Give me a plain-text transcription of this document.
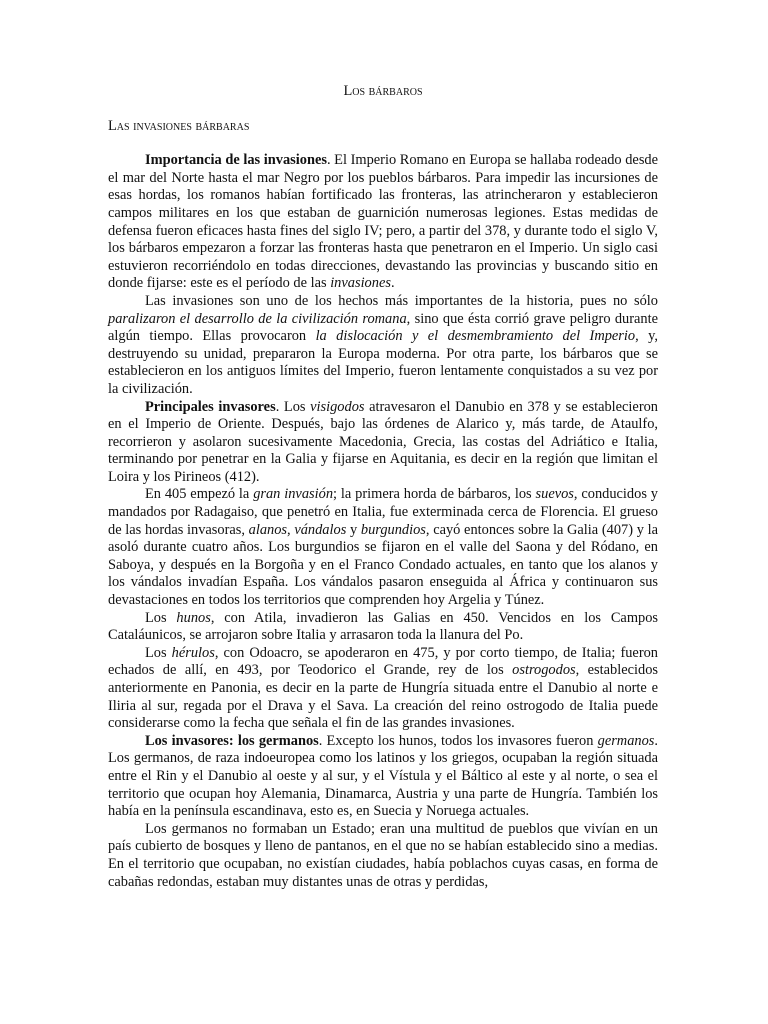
Los bárbaros
Las invasiones bárbaras

Importancia de las invasiones. El Imperio Romano en Europa se hallaba rodeado desde el mar del Norte hasta el mar Negro por los pueblos bárbaros. Para impedir las incursiones de esas hordas, los romanos habían fortificado las fronteras, las atrincheraron y establecieron campos militares en los que estaban de guarnición numerosas legiones. Estas medidas de defensa fueron eficaces hasta fines del siglo IV; pero, a partir del 378, y durante todo el siglo V, los bárbaros empezaron a forzar las fronteras hasta que penetraron en el Imperio. Un siglo casi estuvieron recorriéndolo en todas direcciones, devastando las provincias y buscando sitio en donde fijarse: este es el período de las invasiones.

Las invasiones son uno de los hechos más importantes de la historia, pues no sólo paralizaron el desarrollo de la civilización romana, sino que ésta corrió grave peligro durante algún tiempo. Ellas provocaron la dislocación y el desmembramiento del Imperio, y, destruyendo su unidad, prepararon la Europa moderna. Por otra parte, los bárbaros que se establecieron en los antiguos límites del Imperio, fueron lentamente conquistados a su vez por la civilización.

Principales invasores. Los visigodos atravesaron el Danubio en 378 y se establecieron en el Imperio de Oriente. Después, bajo las órdenes de Alarico y, más tarde, de Ataulfo, recorrieron y asolaron sucesivamente Macedonia, Grecia, las costas del Adriático e Italia, terminando por penetrar en la Galia y fijarse en Aquitania, es decir en la región que limitan el Loira y los Pirineos (412).

En 405 empezó la gran invasión; la primera horda de bárbaros, los suevos, conducidos y mandados por Radagaiso, que penetró en Italia, fue exterminada cerca de Florencia. El grueso de las hordas invasoras, alanos, vándalos y burgundios, cayó entonces sobre la Galia (407) y la asoló durante cuatro años. Los burgundios se fijaron en el valle del Saona y del Ródano, en Saboya, y después en la Borgoña y en el Franco Condado actuales, en tanto que los alanos y los vándalos invadían España. Los vándalos pasaron enseguida al África y continuaron sus devastaciones en todos los territorios que comprenden hoy Argelia y Túnez.

Los hunos, con Atila, invadieron las Galias en 450. Vencidos en los Campos Cataláunicos, se arrojaron sobre Italia y arrasaron toda la llanura del Po.

Los hérulos, con Odoacro, se apoderaron en 475, y por corto tiempo, de Italia; fueron echados de allí, en 493, por Teodorico el Grande, rey de los ostrogodos, establecidos anteriormente en Panonia, es decir en la parte de Hungría situada entre el Danubio al norte e Iliria al sur, regada por el Drava y el Sava. La creación del reino ostrogodo de Italia puede considerarse como la fecha que señala el fin de las grandes invasiones.

Los invasores: los germanos. Excepto los hunos, todos los invasores fueron germanos. Los germanos, de raza indoeuropea como los latinos y los griegos, ocupaban la región situada entre el Rin y el Danubio al oeste y al sur, y el Vístula y el Báltico al este y al norte, o sea el territorio que ocupan hoy Alemania, Dinamarca, Austria y una parte de Hungría. También los había en la península escandinava, esto es, en Suecia y Noruega actuales.

Los germanos no formaban un Estado; eran una multitud de pueblos que vivían en un país cubierto de bosques y lleno de pantanos, en el que no se habían establecido sino a medias. En el territorio que ocupaban, no existían ciudades, había poblachos cuyas casas, en forma de cabañas redondas, estaban muy distantes unas de otras y perdidas,
